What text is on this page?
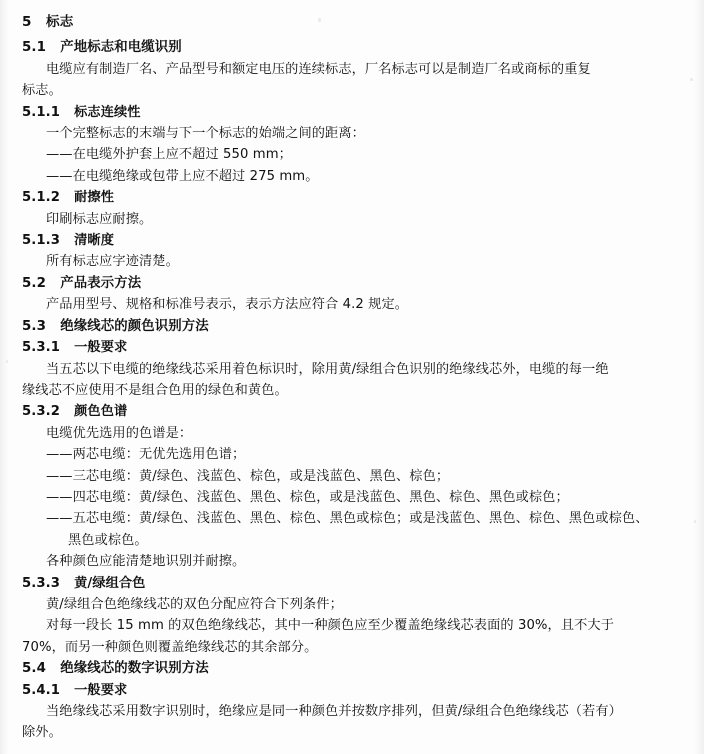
5   标志
5.1   产地标志和电缆识别
电缆应有制造厂名、产品型号和额定电压的连续标志，厂名标志可以是制造厂名或商标的重复
标志。
5.1.1   标志连续性
一个完整标志的末端与下一个标志的始端之间的距离：
——在电缆外护套上应不超过 550 mm；
——在电缆绝缘或包带上应不超过 275 mm。
5.1.2   耐擦性
印刷标志应耐擦。
5.1.3   清晰度
所有标志应字迹清楚。
5.2   产品表示方法
产品用型号、规格和标准号表示，表示方法应符合 4.2 规定。
5.3   绝缘线芯的颜色识别方法
5.3.1   一般要求
当五芯以下电缆的绝缘线芯采用着色标识时，除用黄/绿组合色识别的绝缘线芯外，电缆的每一绝
缘线芯不应使用不是组合色用的绿色和黄色。
5.3.2   颜色色谱
电缆优先选用的色谱是：
——两芯电缆：无优先选用色谱；
——三芯电缆：黄/绿色、浅蓝色、棕色，或是浅蓝色、黑色、棕色；
——四芯电缆：黄/绿色、浅蓝色、黑色、棕色，或是浅蓝色、黑色、棕色、黑色或棕色；
——五芯电缆：黄/绿色、浅蓝色、黑色、棕色、黑色或棕色；或是浅蓝色、黑色、棕色、黑色或棕色、
黑色或棕色。
各种颜色应能清楚地识别并耐擦。
5.3.3   黄/绿组合色
黄/绿组合色绝缘线芯的双色分配应符合下列条件；
对每一段长 15 mm 的双色绝缘线芯，其中一种颜色应至少覆盖绝缘线芯表面的 30%，且不大于
70%，而另一种颜色则覆盖绝缘线芯的其余部分。
5.4   绝缘线芯的数字识别方法
5.4.1   一般要求
当绝缘线芯采用数字识别时，绝缘应是同一种颜色并按数序排列，但黄/绿组合色绝缘线芯（若有）
除外。
